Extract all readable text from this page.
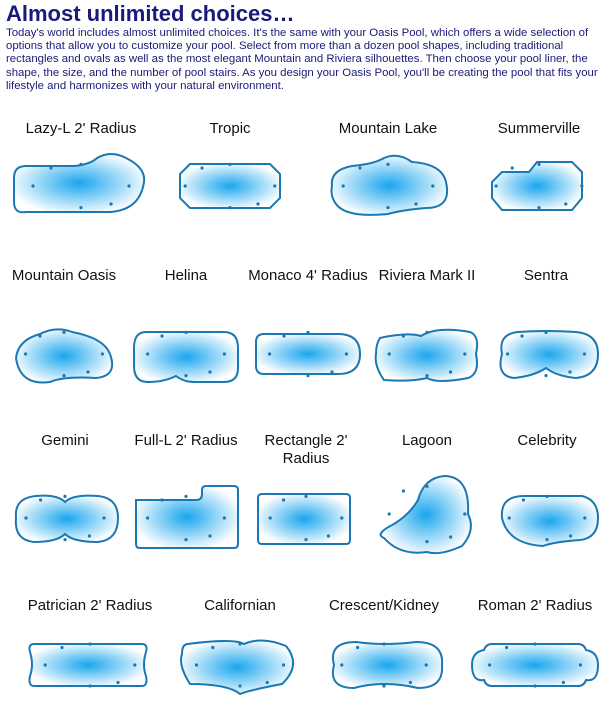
Almost unlimited choices…

Today's world includes almost unlimited choices. It's the same with your Oasis Pool, which offers a wide selection of options that allow you to customize your pool. Select from more than a dozen pool shapes, including traditional rectangles and ovals as well as the most elegant Mountain and Riviera silhouettes. Then choose your pool liner, the shape, the size, and the number of pool stairs. As you design your Oasis Pool, you'll be creating the pool that fits your lifestyle and harmonizes with your natural environment.

Lazy-L 2' Radius	Tropic	Mountain Lake	Summerville

Mountain Oasis	Helina	Monaco 4' Radius Riviera Mark II	Sentra

Gemini	Full-L 2' Radius	Rectangle 2' Radius

Lagoon	Celebrity

Patrician 2' Radius	Californian	Crescent/Kidney	Roman 2' Radius
